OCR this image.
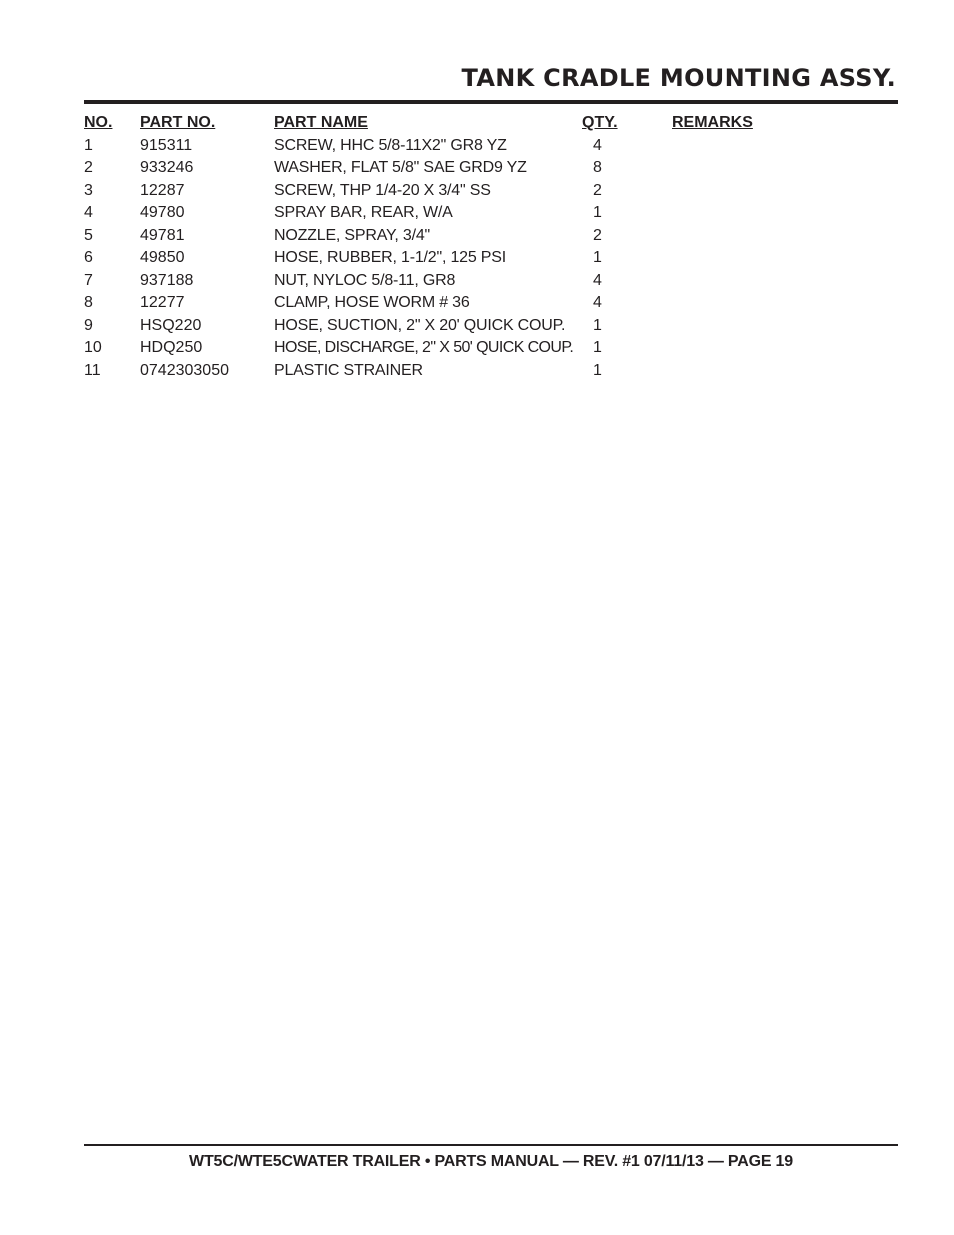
TANK CRADLE MOUNTING ASSY.
NO.	PART NO.	PART NAME	QTY.	REMARKS
1	915311	SCREW, HHC 5/8-11X2" GR8 YZ	4	
2	933246	WASHER, FLAT 5/8" SAE GRD9 YZ	8	
3	12287	SCREW, THP 1/4-20 X 3/4" SS	2	
4	49780	SPRAY BAR, REAR, W/A	1	
5	49781	NOZZLE, SPRAY, 3/4"	2	
6	49850	HOSE, RUBBER, 1-1/2", 125 PSI	1	
7	937188	NUT, NYLOC 5/8-11, GR8	4	
8	12277	CLAMP, HOSE WORM # 36	4	
9	HSQ220	HOSE, SUCTION, 2" X 20' QUICK COUP.	1	
10	HDQ250	HOSE, DISCHARGE, 2" X 50' QUICK COUP.	1	
11	0742303050	PLASTIC STRAINER	1	
WT5C/WTE5CWATER TRAILER • PARTS MANUAL — REV. #1 07/11/13 — PAGE 19
